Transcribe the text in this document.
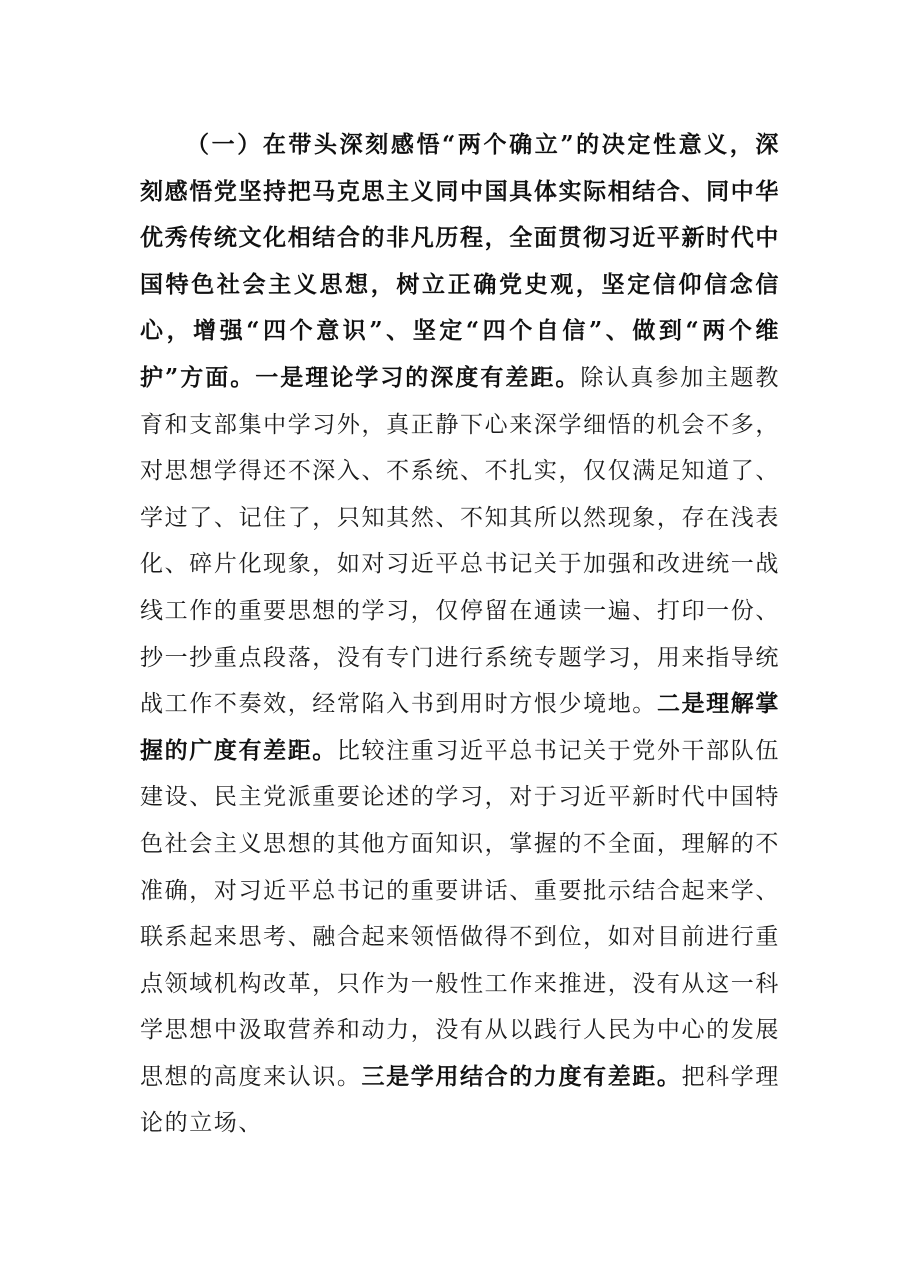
（一）在带头深刻感悟“两个确立”的决定性意义，深刻感悟党坚持把马克思主义同中国具体实际相结合、同中华优秀传统文化相结合的非凡历程，全面贯彻习近平新时代中国特色社会主义思想，树立正确党史观，坚定信仰信念信心，增强“四个意识”、坚定“四个自信”、做到“两个维护”方面。一是理论学习的深度有差距。除认真参加主题教育和支部集中学习外，真正静下心来深学细悟的机会不多，对思想学得还不深入、不系统、不扎实，仅仅满足知道了、学过了、记住了，只知其然、不知其所以然现象，存在浅表化、碎片化现象，如对习近平总书记关于加强和改进统一战线工作的重要思想的学习，仅停留在通读一遍、打印一份、抄一抄重点段落，没有专门进行系统专题学习，用来指导统战工作不奏效，经常陷入书到用时方恨少境地。二是理解掌握的广度有差距。比较注重习近平总书记关于党外干部队伍建设、民主党派重要论述的学习，对于习近平新时代中国特色社会主义思想的其他方面知识，掌握的不全面，理解的不准确，对习近平总书记的重要讲话、重要批示结合起来学、联系起来思考、融合起来领悟做得不到位，如对目前进行重点领域机构改革，只作为一般性工作来推进，没有从这一科学思想中汲取营养和动力，没有从以践行人民为中心的发展思想的高度来认识。三是学用结合的力度有差距。把科学理论的立场、
